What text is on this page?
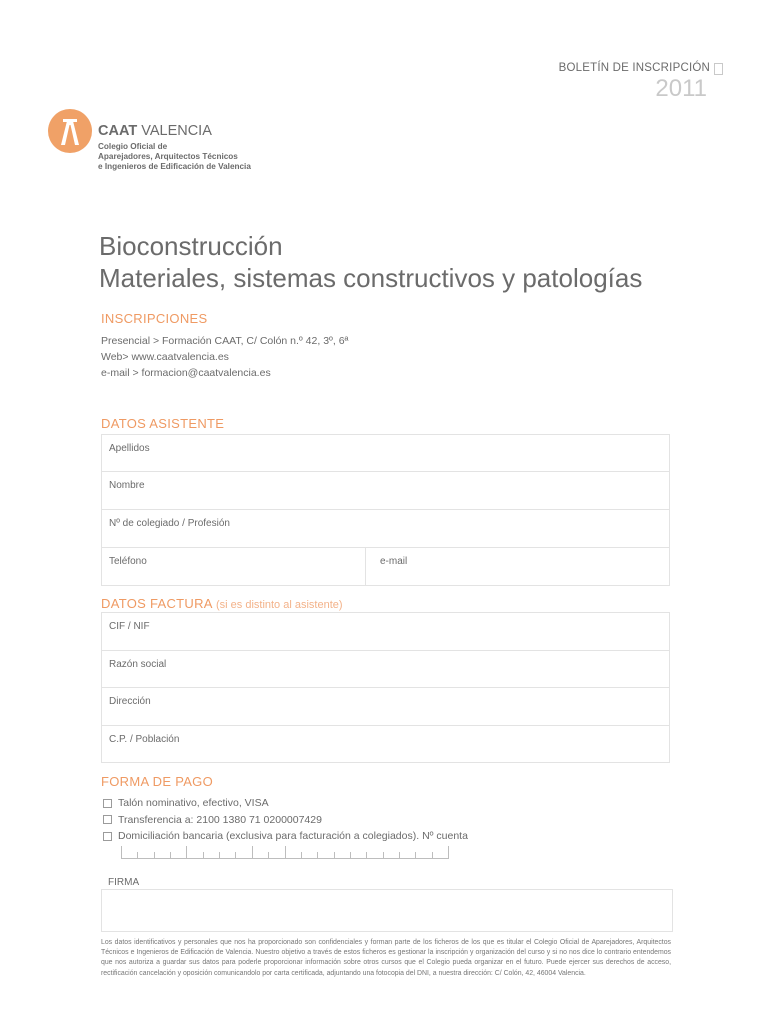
BOLETÍN DE INSCRIPCIÓN
2011
CAAT VALENCIA
Colegio Oficial de
Aparejadores, Arquitectos Técnicos
e Ingenieros de Edificación de Valencia
Bioconstrucción
Materiales, sistemas constructivos y patologías
INSCRIPCIONES
Presencial > Formación CAAT, C/ Colón n.º 42, 3º, 6ª
Web> www.caatvalencia.es
e-mail > formacion@caatvalencia.es
DATOS ASISTENTE
Apellidos
Nombre
Nº de colegiado / Profesión
Teléfono	e-mail
DATOS FACTURA (si es distinto al asistente)
CIF / NIF
Razón social
Dirección
C.P. / Población
FORMA DE PAGO
Talón nominativo, efectivo, VISA
Transferencia a: 2100 1380 71 0200007429
Domiciliación bancaria (exclusiva para facturación a colegiados). Nº cuenta
FIRMA
Los datos identificativos y personales que nos ha proporcionado son confidenciales y forman parte de los ficheros de los que es titular el Colegio Oficial de Aparejadores, Arquitectos Técnicos e Ingenieros de Edificación de Valencia. Nuestro objetivo a través de estos ficheros es gestionar la inscripción y organización del curso y si no nos dice lo contrario entendemos que nos autoriza a guardar sus datos para poderle proporcionar información sobre otros cursos que el Colegio pueda organizar en el futuro. Puede ejercer sus derechos de acceso, rectificación cancelación y oposición comunicandolo por carta certificada, adjuntando una fotocopia del DNI, a nuestra dirección: C/ Colón, 42, 46004 Valencia.
